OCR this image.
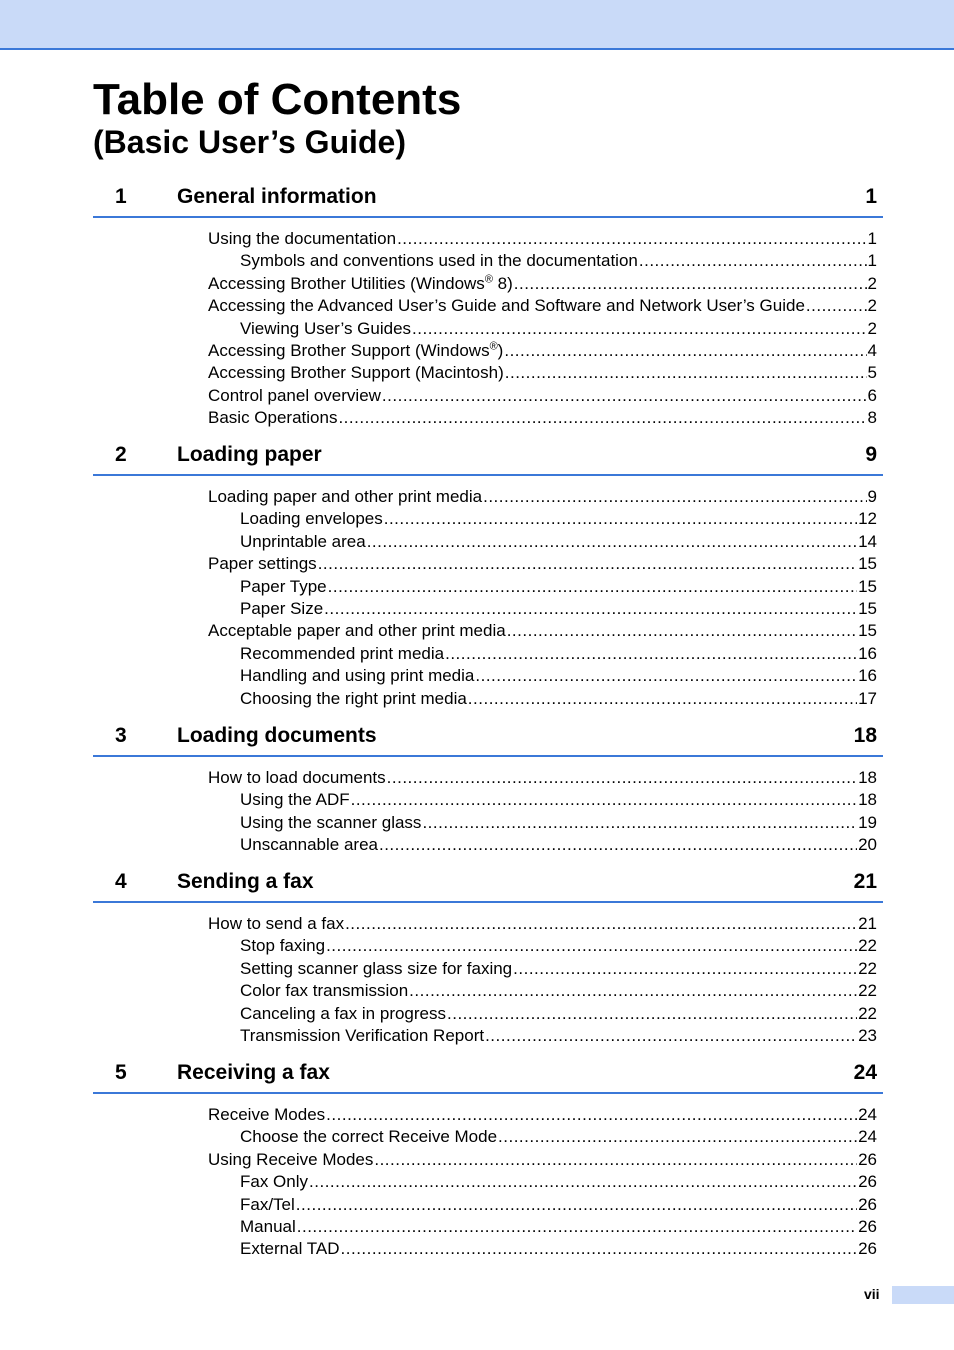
Table of Contents
(Basic User’s Guide)
1 General information	1
Using the documentation .....	1
Symbols and conventions used in the documentation .....	1
Accessing Brother Utilities (Windows® 8) .....	2
Accessing the Advanced User’s Guide and Software and Network User’s Guide .....	2
Viewing User’s Guides .....	2
Accessing Brother Support (Windows®) .....	4
Accessing Brother Support (Macintosh) .....	5
Control panel overview .....	6
Basic Operations .....	8
2 Loading paper	9
Loading paper and other print media .....	9
Loading envelopes .....	12
Unprintable area .....	14
Paper settings .....	15
Paper Type .....	15
Paper Size .....	15
Acceptable paper and other print media .....	15
Recommended print media .....	16
Handling and using print media .....	16
Choosing the right print media .....	17
3 Loading documents	18
How to load documents .....	18
Using the ADF .....	18
Using the scanner glass .....	19
Unscannable area .....	20
4 Sending a fax	21
How to send a fax .....	21
Stop faxing .....	22
Setting scanner glass size for faxing .....	22
Color fax transmission .....	22
Canceling a fax in progress .....	22
Transmission Verification Report .....	23
5 Receiving a fax	24
Receive Modes .....	24
Choose the correct Receive Mode .....	24
Using Receive Modes .....	26
Fax Only .....	26
Fax/Tel .....	26
Manual .....	26
External TAD .....	26
vii
